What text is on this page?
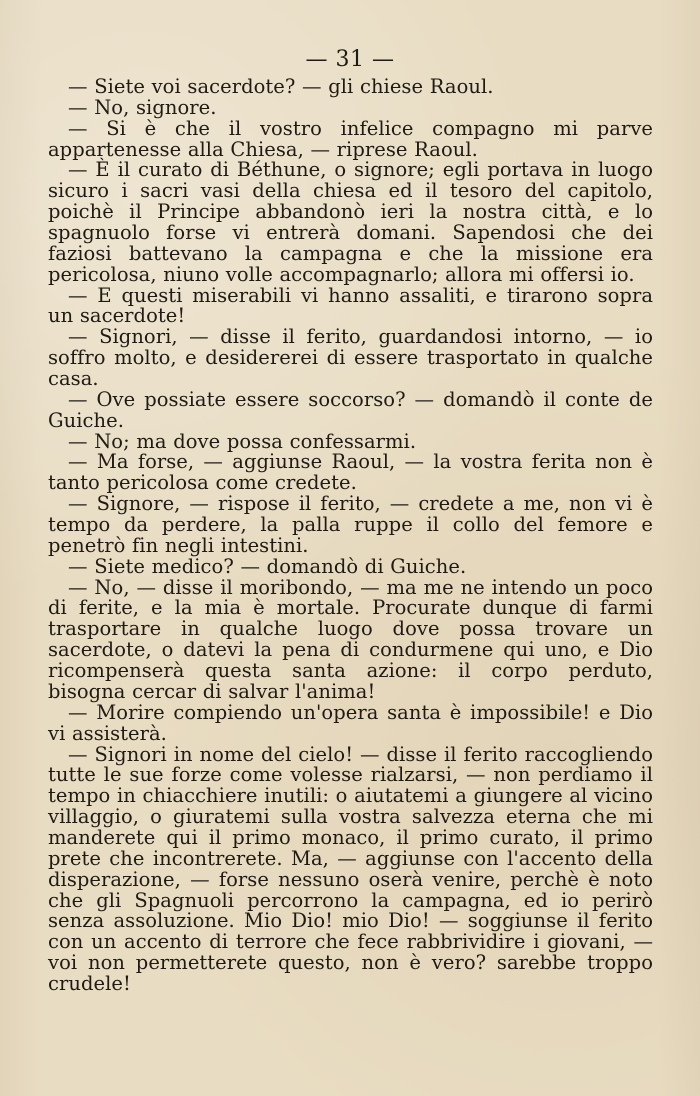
— 31 —

— Siete voi sacerdote? — gli chiese Raoul.

— No, signore.

— Si è che il vostro infelice compagno mi parve appartenesse alla Chiesa, — riprese Raoul.

— È il curato di Béthune, o signore; egli portava in luogo sicuro i sacri vasi della chiesa ed il tesoro del capitolo, poichè il Principe abbandonò ieri la nostra città, e lo spagnuolo forse vi entrerà domani. Sapendosi che dei faziosi battevano la campagna e che la missione era pericolosa, niuno volle accompagnarlo; allora mi offersi io.

— E questi miserabili vi hanno assaliti, e tirarono sopra un sacerdote!

— Signori, — disse il ferito, guardandosi intorno, — io soffro molto, e desidererei di essere trasportato in qualche casa.

— Ove possiate essere soccorso? — domandò il conte de Guiche.

— No; ma dove possa confessarmi.

— Ma forse, — aggiunse Raoul, — la vostra ferita non è tanto pericolosa come credete.

— Signore, — rispose il ferito, — credete a me, non vi è tempo da perdere, la palla ruppe il collo del femore e penetrò fin negli intestini.

— Siete medico? — domandò di Guiche.

— No, — disse il moribondo, — ma me ne intendo un poco di ferite, e la mia è mortale. Procurate dunque di farmi trasportare in qualche luogo dove possa trovare un sacerdote, o datevi la pena di condurmene qui uno, e Dio ricompenserà questa santa azione: il corpo perduto, bisogna cercar di salvar l'anima!

— Morire compiendo un'opera santa è impossibile! e Dio vi assisterà.

— Signori in nome del cielo! — disse il ferito raccogliendo tutte le sue forze come volesse rialzarsi, — non perdiamo il tempo in chiacchiere inutili: o aiutatemi a giungere al vicino villaggio, o giuratemi sulla vostra salvezza eterna che mi manderete qui il primo monaco, il primo curato, il primo prete che incontrerete. Ma, — aggiunse con l'accento della disperazione, — forse nessuno oserà venire, perchè è noto che gli Spagnuoli percorrono la campagna, ed io perirò senza assoluzione. Mio Dio! mio Dio! — soggiunse il ferito con un accento di terrore che fece rabbrividire i giovani, — voi non permetterete questo, non è vero? sarebbe troppo crudele!
